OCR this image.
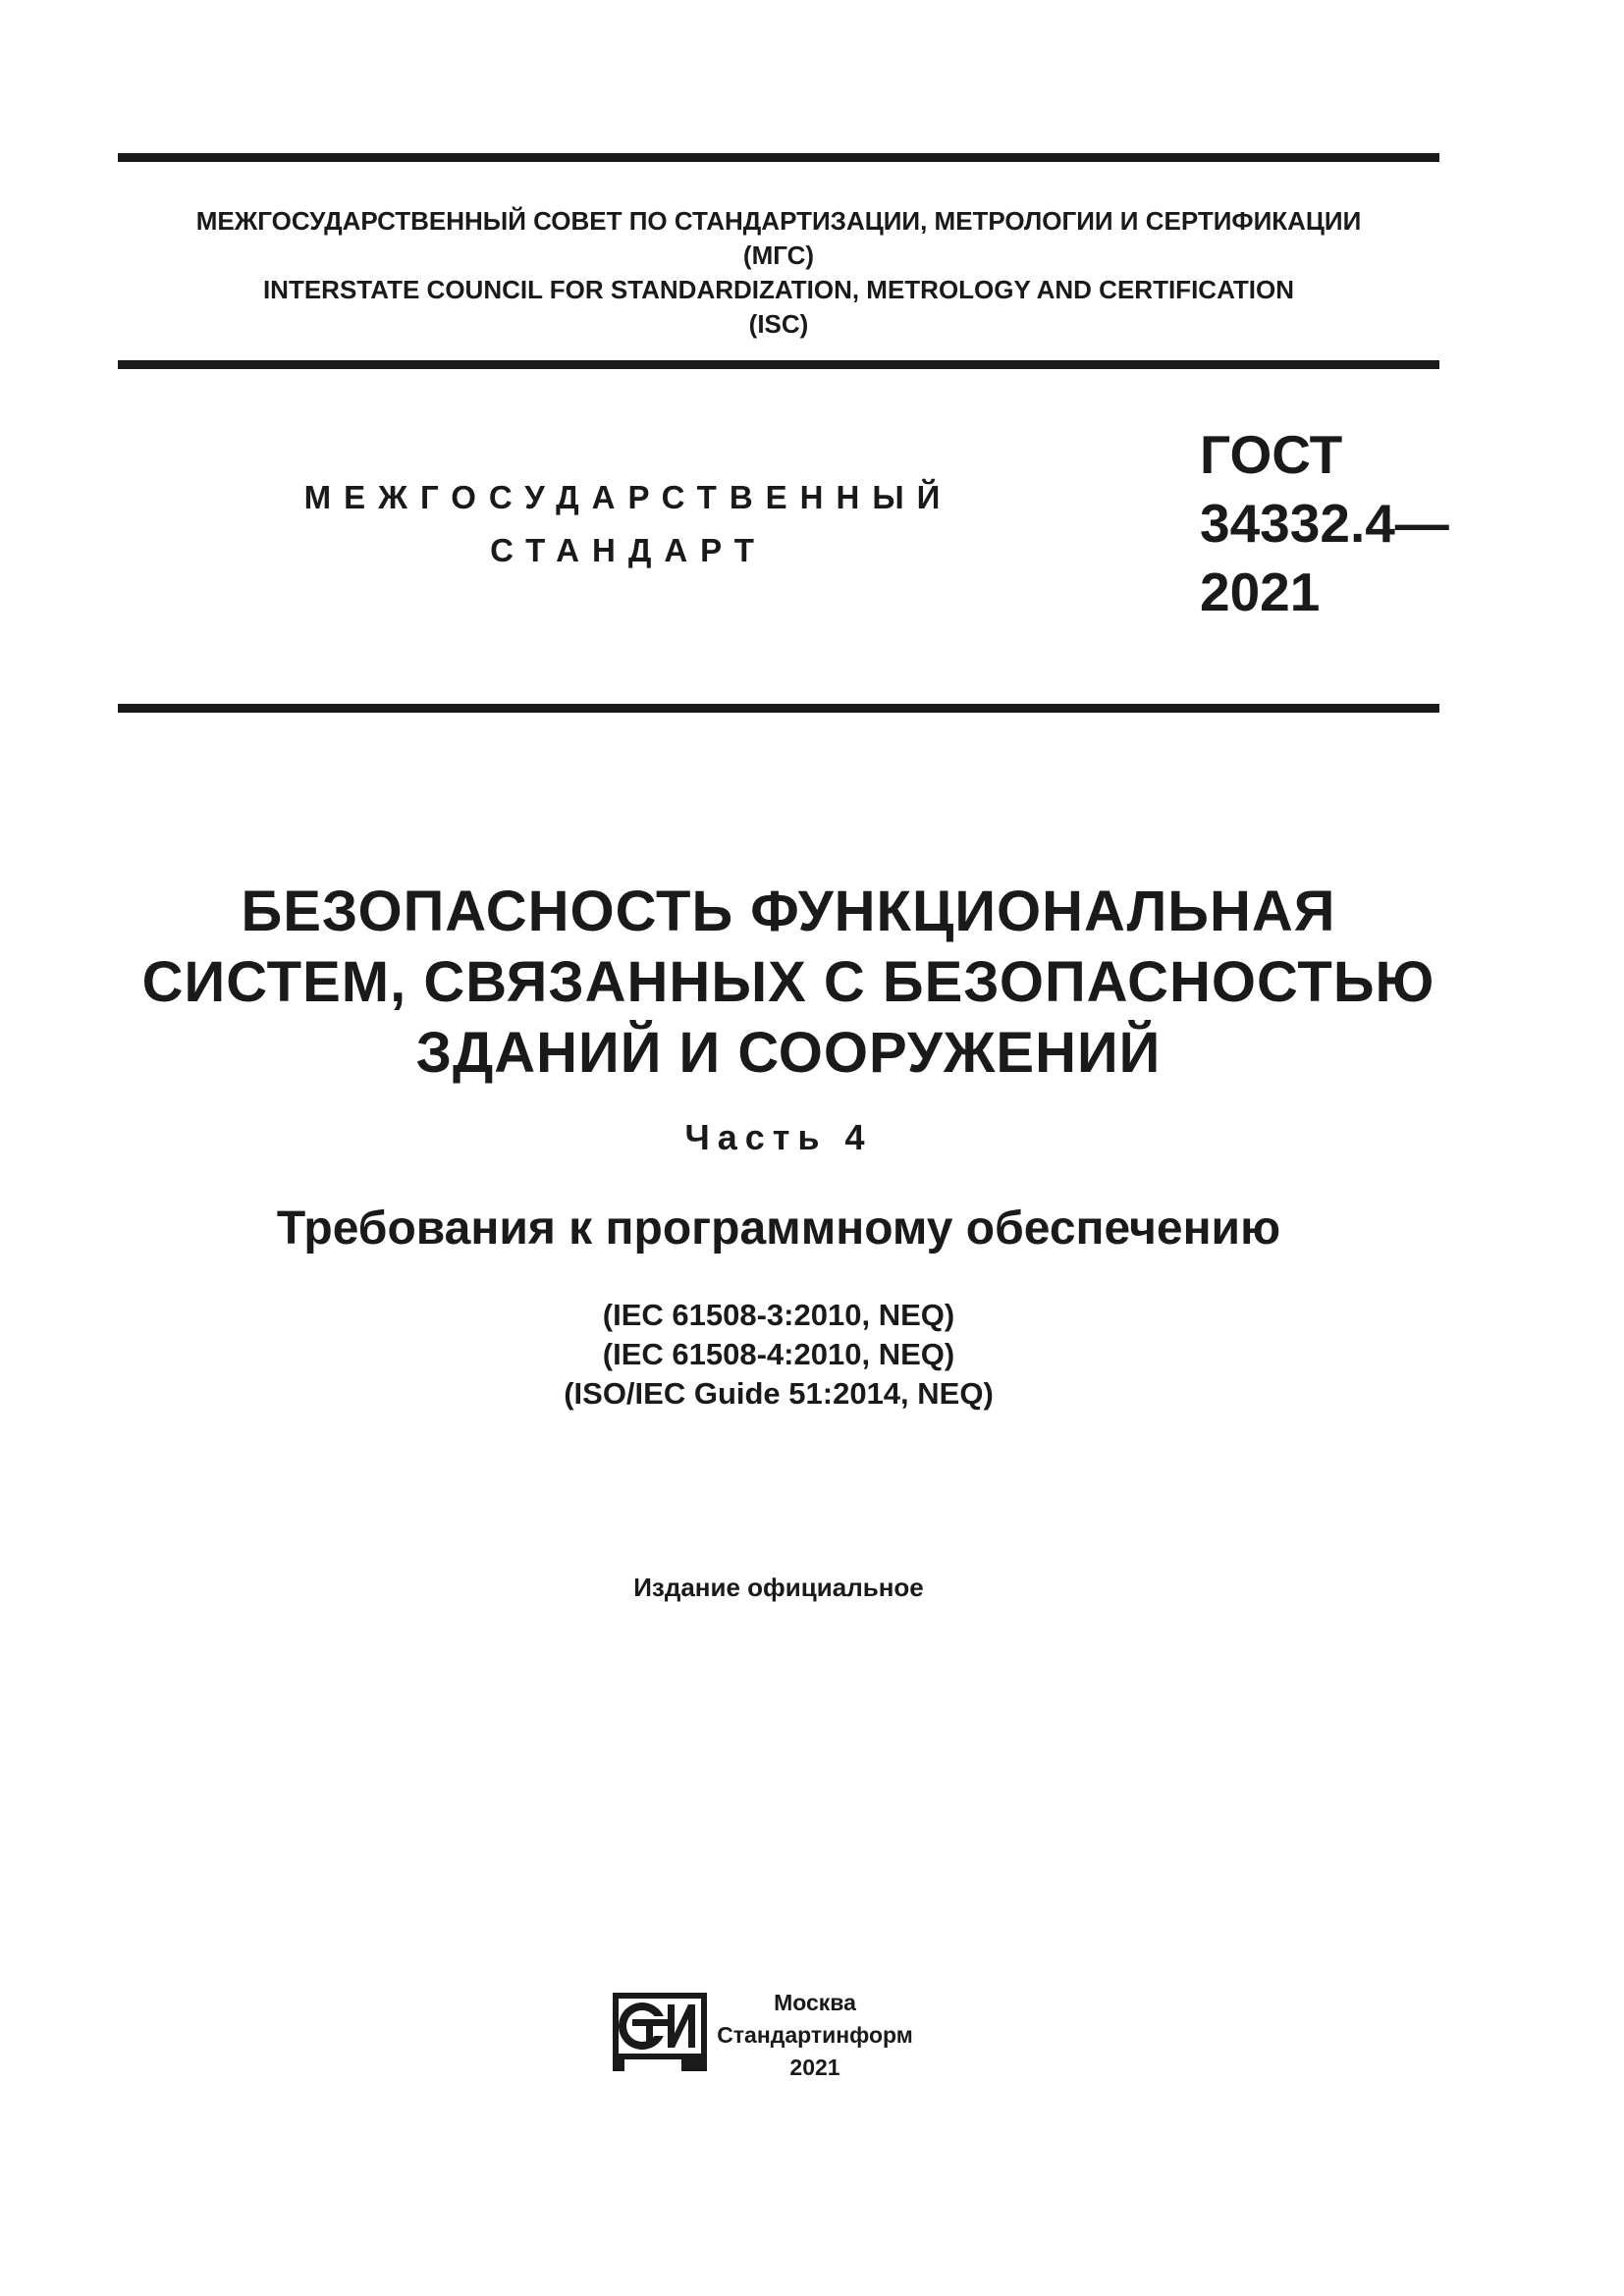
МЕЖГОСУДАРСТВЕННЫЙ СОВЕТ ПО СТАНДАРТИЗАЦИИ, МЕТРОЛОГИИ И СЕРТИФИКАЦИИ
(МГС)
INTERSTATE COUNCIL FOR STANDARDIZATION, METROLOGY AND CERTIFICATION
(ISC)
МЕЖГОСУДАРСТВЕННЫЙ
СТАНДАРТ
ГОСТ
34332.4—
2021
БЕЗОПАСНОСТЬ ФУНКЦИОНАЛЬНАЯ
СИСТЕМ, СВЯЗАННЫХ С БЕЗОПАСНОСТЬЮ
ЗДАНИЙ И СООРУЖЕНИЙ
Часть 4
Требования к программному обеспечению
(IEC 61508-3:2010, NEQ)
(IEC 61508-4:2010, NEQ)
(ISO/IEC Guide 51:2014, NEQ)
Издание официальное
Москва
Стандартинформ
2021
